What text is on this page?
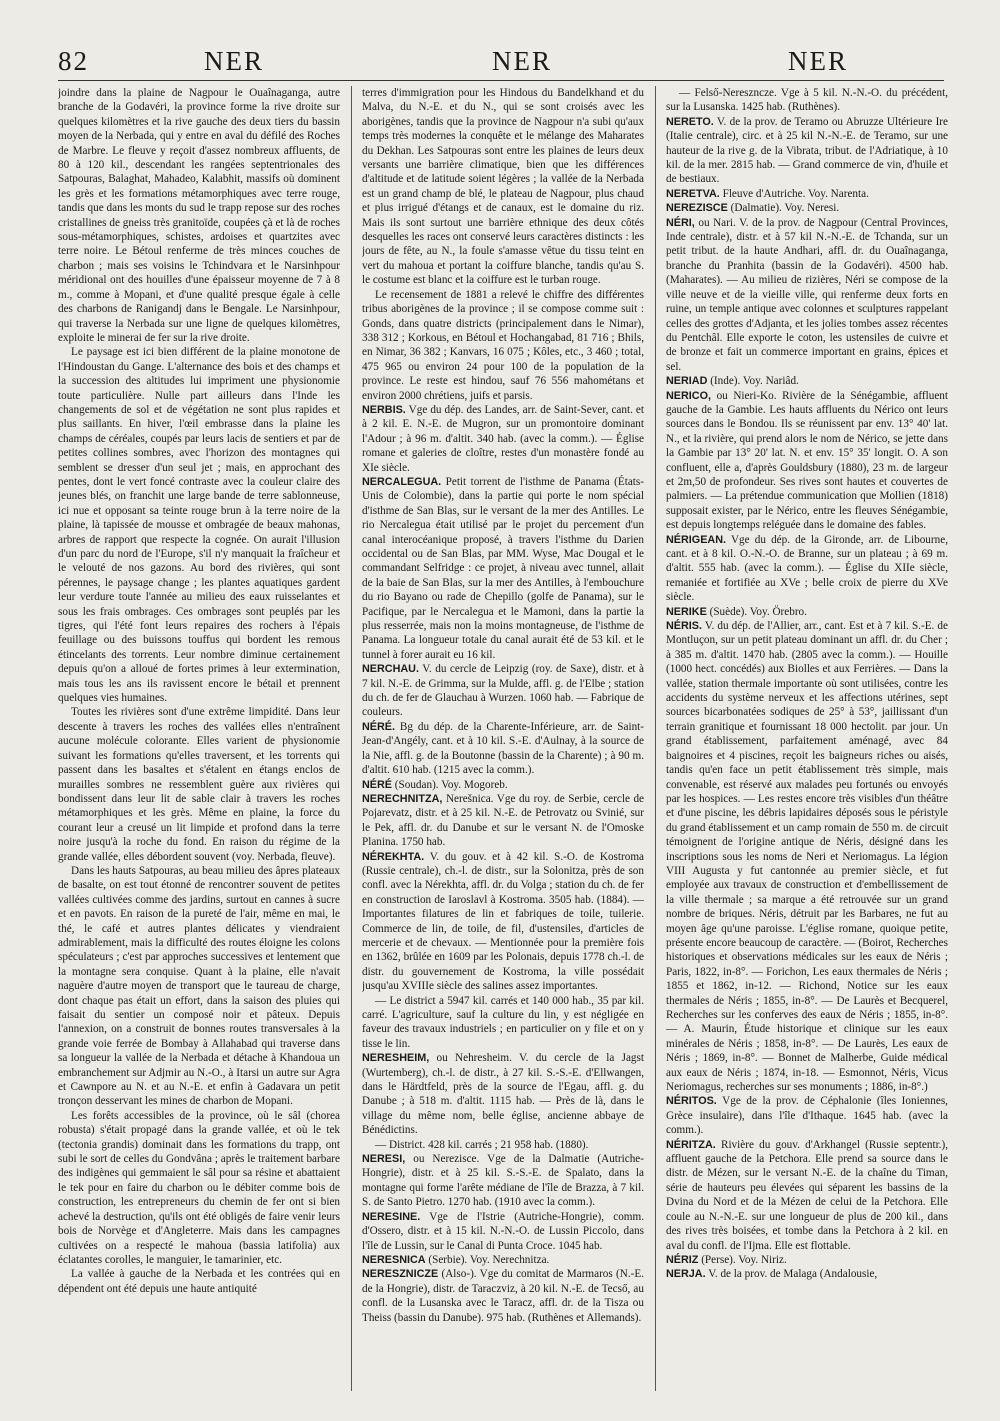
82	NER	NER	NER

joindre dans la plaine de Nagpour le Ouaînaganga, autre branche de la Godavéri, la province forme la rive droite sur quelques kilomètres et la rive gauche des deux tiers du bassin moyen de la Nerbada, qui y entre en aval du défilé des Roches de Marbre. Le fleuve y reçoit d'assez nombreux affluents, de 80 à 120 kil., descendant les rangées septentrionales des Satpouras, Balaghat, Mahadeo, Kalabhit, massifs où dominent les grès et les formations métamorphiques avec terre rouge, tandis que dans les monts du sud le trapp repose sur des roches cristallines de gneiss très granitoïde, coupées çà et là de roches sous-métamorphiques, schistes, ardoises et quartzites avec terre noire. Le Bétoul renferme de très minces couches de charbon ; mais ses voisins le Tchindvara et le Narsinhpour méridional ont des houilles d'une épaisseur moyenne de 7 à 8 m., comme à Mopani, et d'une qualité presque égale à celle des charbons de Ranigandj dans le Bengale. Le Narsinhpour, qui traverse la Nerbada sur une ligne de quelques kilomètres, exploite le minerai de fer sur la rive droite.

Le paysage est ici bien différent de la plaine monotone de l'Hindoustan du Gange. L'alternance des bois et des champs et la succession des altitudes lui impriment une physionomie toute particulière. Nulle part ailleurs dans l'Inde les changements de sol et de végétation ne sont plus rapides et plus saillants. En hiver, l'œil embrasse dans la plaine les champs de céréales, coupés par leurs lacis de sentiers et par de petites collines sombres, avec l'horizon des montagnes qui semblent se dresser d'un seul jet ; mais, en approchant des pentes, dont le vert foncé contraste avec la couleur claire des jeunes blés, on franchit une large bande de terre sablonneuse, ici nue et opposant sa teinte rouge brun à la terre noire de la plaine, là tapissée de mousse et ombragée de beaux mahonas, arbres de rapport que respecte la cognée. On aurait l'illusion d'un parc du nord de l'Europe, s'il n'y manquait la fraîcheur et le velouté de nos gazons. Au bord des rivières, qui sont pérennes, le paysage change ; les plantes aquatiques gardent leur verdure toute l'année au milieu des eaux ruisselantes et sous les frais ombrages. Ces ombrages sont peuplés par les tigres, qui l'été font leurs repaires des rochers à l'épais feuillage ou des buissons touffus qui bordent les remous étincelants des torrents. Leur nombre diminue certainement depuis qu'on a alloué de fortes primes à leur extermination, mais tous les ans ils ravissent encore le bétail et prennent quelques vies humaines.

Toutes les rivières sont d'une extrême limpidité. Dans leur descente à travers les roches des vallées elles n'entraînent aucune molécule colorante. Elles varient de physionomie suivant les formations qu'elles traversent, et les torrents qui passent dans les basaltes et s'étalent en étangs enclos de murailles sombres ne ressemblent guère aux rivières qui bondissent dans leur lit de sable clair à travers les roches métamorphiques et les grès. Même en plaine, la force du courant leur a creusé un lit limpide et profond dans la terre noire jusqu'à la roche du fond. En raison du régime de la grande vallée, elles débordent souvent (voy. Nerbada, fleuve).

Dans les hauts Satpouras, au beau milieu des âpres plateaux de basalte, on est tout étonné de rencontrer souvent de petites vallées cultivées comme des jardins, surtout en cannes à sucre et en pavots. En raison de la pureté de l'air, même en mai, le thé, le café et autres plantes délicates y viendraient admirablement, mais la difficulté des routes éloigne les colons spéculateurs ; c'est par approches successives et lentement que la montagne sera conquise. Quant à la plaine, elle n'avait naguère d'autre moyen de transport que le taureau de charge, dont chaque pas était un effort, dans la saison des pluies qui faisait du sentier un composé noir et pâteux. Depuis l'annexion, on a construit de bonnes routes transversales à la grande voie ferrée de Bombay à Allahabad qui traverse dans sa longueur la vallée de la Nerbada et détache à Khandoua un embranchement sur Adjmir au N.-O., à Itarsi un autre sur Agra et Cawnpore au N. et au N.-E. et enfin à Gadavara un petit tronçon desservant les mines de charbon de Mopani.

Les forêts accessibles de la province, où le sâl (chorea robusta) s'était propagé dans la grande vallée, et où le tek (tectonia grandis) dominait dans les formations du trapp, ont subi le sort de celles du Gondvâna ; après le traitement barbare des indigènes qui gemmaient le sâl pour sa résine et abattaient le tek pour en faire du charbon ou le débiter comme bois de construction, les entrepreneurs du chemin de fer ont si bien achevé la destruction, qu'ils ont été obligés de faire venir leurs bois de Norvège et d'Angleterre. Mais dans les campagnes cultivées on a respecté le mahoua (bassia latifolia) aux éclatantes corolles, le manguier, le tamarinier, etc.

La vallée à gauche de la Nerbada et les contrées qui en dépendent ont été depuis une haute antiquité

terres d'immigration pour les Hindous du Bandelkhand et du Malva, du N.-E. et du N., qui se sont croisés avec les aborigènes, tandis que la province de Nagpour n'a subi qu'aux temps très modernes la conquête et le mélange des Maharates du Dekhan. Les Satpouras sont entre les plaines de leurs deux versants une barrière climatique, bien que les différences d'altitude et de latitude soient légères ; la vallée de la Nerbada est un grand champ de blé, le plateau de Nagpour, plus chaud et plus irrigué d'étangs et de canaux, est le domaine du riz. Mais ils sont surtout une barrière ethnique des deux côtés desquelles les races ont conservé leurs caractères distincts : les jours de fête, au N., la foule s'amasse vêtue du tissu teint en vert du mahoua et portant la coiffure blanche, tandis qu'au S. le costume est blanc et la coiffure est le turban rouge.

Le recensement de 1881 a relevé le chiffre des différentes tribus aborigènes de la province ; il se compose comme suit : Gonds, dans quatre districts (principalement dans le Nimar), 338 312 ; Korkous, en Bétoul et Hochangabad, 81 716 ; Bhils, en Nimar, 36 382 ; Kanvars, 16 075 ; Kôles, etc., 3 460 ; total, 475 965 ou environ 24 pour 100 de la population de la province. Le reste est hindou, sauf 76 556 mahométans et environ 2000 chrétiens, juifs et parsis.

NERBIS. Vge du dép. des Landes, arr. de Saint-Sever, cant. et à 2 kil. E. N.-E. de Mugron, sur un promontoire dominant l'Adour ; à 96 m. d'altit. 340 hab. (avec la comm.). — Église romane et galeries de cloître, restes d'un monastère fondé au XIe siècle.
NERCALEGUA. Petit torrent de l'isthme de Panama (États-Unis de Colombie), dans la partie qui porte le nom spécial d'isthme de San Blas, sur le versant de la mer des Antilles. Le rio Nercalegua était utilisé par le projet du percement d'un canal interocéanique proposé, à travers l'isthme du Darien occidental ou de San Blas, par MM. Wyse, Mac Dougal et le commandant Selfridge : ce projet, à niveau avec tunnel, allait de la baie de San Blas, sur la mer des Antilles, à l'embouchure du rio Bayano ou rade de Chepillo (golfe de Panama), sur le Pacifique, par le Nercalegua et le Mamoni, dans la partie la plus resserrée, mais non la moins montagneuse, de l'isthme de Panama. La longueur totale du canal aurait été de 53 kil. et le tunnel à forer aurait eu 16 kil.
NERCHAU. V. du cercle de Leipzig (roy. de Saxe), distr. et à 7 kil. N.-E. de Grimma, sur la Mulde, affl. g. de l'Elbe ; station du ch. de fer de Glauchau à Wurzen. 1060 hab. — Fabrique de couleurs.
NÉRÉ. Bg du dép. de la Charente-Inférieure, arr. de Saint-Jean-d'Angély, cant. et à 10 kil. S.-E. d'Aulnay, à la source de la Nie, affl. g. de la Boutonne (bassin de la Charente) ; à 90 m. d'altit. 610 hab. (1215 avec la comm.).
NÉRÉ (Soudan). Voy. Mogoreb.
NERECHNITZA, Nerešnica. Vge du roy. de Serbie, cercle de Pojarevatz, distr. et à 25 kil. N.-E. de Petrovatz ou Svinié, sur le Pek, affl. dr. du Danube et sur le versant N. de l'Omoske Planina. 1750 hab.
NÉREKHTA. V. du gouv. et à 42 kil. S.-O. de Kostroma (Russie centrale), ch.-l. de distr., sur la Solonitza, près de son confl. avec la Nérekhta, affl. dr. du Volga ; station du ch. de fer en construction de Iaroslavl à Kostroma. 3505 hab. (1884). — Importantes filatures de lin et fabriques de toile, tuilerie. Commerce de lin, de toile, de fil, d'ustensiles, d'articles de mercerie et de chevaux. — Mentionnée pour la première fois en 1362, brûlée en 1609 par les Polonais, depuis 1778 ch.-l. de distr. du gouvernement de Kostroma, la ville possédait jusqu'au XVIIIe siècle des salines assez importantes.

— Le district a 5947 kil. carrés et 140 000 hab., 35 par kil. carré. L'agriculture, sauf la culture du lin, y est négligée en faveur des travaux industriels ; en particulier on y file et on y tisse le lin.

NERESHEIM, ou Nehresheim. V. du cercle de la Jagst (Wurtemberg), ch.-l. de distr., à 27 kil. S.-S.-E. d'Ellwangen, dans le Härdtfeld, près de la source de l'Egau, affl. g. du Danube ; à 518 m. d'altit. 1115 hab. — Près de là, dans le village du même nom, belle église, ancienne abbaye de Bénédictins.

— District. 428 kil. carrés ; 21 958 hab. (1880).

NERESI, ou Nerezisce. Vge de la Dalmatie (Autriche-Hongrie), distr. et à 25 kil. S.-S.-E. de Spalato, dans la montagne qui forme l'arête médiane de l'île de Brazza, à 7 kil. S. de Santo Pietro. 1270 hab. (1910 avec la comm.).
NERESINE. Vge de l'Istrie (Autriche-Hongrie), comm. d'Ossero, distr. et à 15 kil. N.-N.-O. de Lussin Piccolo, dans l'île de Lussin, sur le Canal di Punta Croce. 1045 hab.
NERESNICA (Serbie). Voy. Nerechnitza.
NERESZNICZE (Also-). Vge du comitat de Marmaros (N.-E. de la Hongrie), distr. de Taraczviz, à 20 kil. N.-E. de Tecső, au confl. de la Lusanska avec le Taracz, affl. dr. de la Tisza ou Theiss (bassin du Danube). 975 hab. (Ruthènes et Allemands).

— Felső-Nereszncze. Vge à 5 kil. N.-N.-O. du précédent, sur la Lusanska. 1425 hab. (Ruthènes).

NERETO. V. de la prov. de Teramo ou Abruzze Ultérieure Ire (Italie centrale), circ. et à 25 kil N.-N.-E. de Teramo, sur une hauteur de la rive g. de la Vibrata, tribut. de l'Adriatique, à 10 kil. de la mer. 2815 hab. — Grand commerce de vin, d'huile et de bestiaux.
NERETVA. Fleuve d'Autriche. Voy. Narenta.
NEREZISCE (Dalmatie). Voy. Neresi.
NÉRI, ou Nari. V. de la prov. de Nagpour (Central Provinces, Inde centrale), distr. et à 57 kil N.-N.-E. de Tchanda, sur un petit tribut. de la haute Andhari, affl. dr. du Ouaînaganga, branche du Pranhita (bassin de la Godavéri). 4500 hab. (Maharates). — Au milieu de rizières, Néri se compose de la ville neuve et de la vieille ville, qui renferme deux forts en ruine, un temple antique avec colonnes et sculptures rappelant celles des grottes d'Adjanta, et les jolies tombes assez récentes du Pentchâl. Elle exporte le coton, les ustensiles de cuivre et de bronze et fait un commerce important en grains, épices et sel.
NERIAD (Inde). Voy. Nariâd.
NERICO, ou Nieri-Ko. Rivière de la Sénégambie, affluent gauche de la Gambie. Les hauts affluents du Nérico ont leurs sources dans le Bondou. Ils se réunissent par env. 13° 40' lat. N., et la rivière, qui prend alors le nom de Nérico, se jette dans la Gambie par 13° 20' lat. N. et env. 15° 35' longit. O. A son confluent, elle a, d'après Gouldsbury (1880), 23 m. de largeur et 2m,50 de profondeur. Ses rives sont hautes et couvertes de palmiers. — La prétendue communication que Mollien (1818) supposait exister, par le Nérico, entre les fleuves Sénégambie, est depuis longtemps reléguée dans le domaine des fables.
NÉRIGEAN. Vge du dép. de la Gironde, arr. de Libourne, cant. et à 8 kil. O.-N.-O. de Branne, sur un plateau ; à 69 m. d'altit. 555 hab. (avec la comm.). — Église du XIIe siècle, remaniée et fortifiée au XVe ; belle croix de pierre du XVe siècle.
NERIKE (Suède). Voy. Örebro.
NÉRIS. V. du dép. de l'Allier, arr., cant. Est et à 7 kil. S.-E. de Montluçon, sur un petit plateau dominant un affl. dr. du Cher ; à 385 m. d'altit. 1470 hab. (2805 avec la comm.). — Houille (1000 hect. concédés) aux Biolles et aux Ferrières. — Dans la vallée, station thermale importante où sont utilisées, contre les accidents du système nerveux et les affections utérines, sept sources bicarbonatées sodiques de 25° à 53°, jaillissant d'un terrain granitique et fournissant 18 000 hectolit. par jour. Un grand établissement, parfaitement aménagé, avec 84 baignoires et 4 piscines, reçoit les baigneurs riches ou aisés, tandis qu'en face un petit établissement très simple, mais convenable, est réservé aux malades peu fortunés ou envoyés par les hospices. — Les restes encore très visibles d'un théâtre et d'une piscine, les débris lapidaires déposés sous le péristyle du grand établissement et un camp romain de 550 m. de circuit témoignent de l'origine antique de Néris, désigné dans les inscriptions sous les noms de Neri et Neriomagus. La légion VIII Augusta y fut cantonnée au premier siècle, et fut employée aux travaux de construction et d'embellissement de la ville thermale ; sa marque a été retrouvée sur un grand nombre de briques. Néris, détruit par les Barbares, ne fut au moyen âge qu'une paroisse. L'église romane, quoique petite, présente encore beaucoup de caractère. — (Boirot, Recherches historiques et observations médicales sur les eaux de Néris ; Paris, 1822, in-8°. — Forichon, Les eaux thermales de Néris ; 1855 et 1862, in-12. — Richond, Notice sur les eaux thermales de Néris ; 1855, in-8°. — De Laurès et Becquerel, Recherches sur les conferves des eaux de Néris ; 1855, in-8°. — A. Maurin, Étude historique et clinique sur les eaux minérales de Néris ; 1858, in-8°. — De Laurès, Les eaux de Néris ; 1869, in-8°. — Bonnet de Malherbe, Guide médical aux eaux de Néris ; 1874, in-18. — Esmonnot, Néris, Vicus Neriomagus, recherches sur ses monuments ; 1886, in-8°.)
NÉRITOS. Vge de la prov. de Céphalonie (îles Ioniennes, Grèce insulaire), dans l'île d'Ithaque. 1645 hab. (avec la comm.).
NÉRITZA. Rivière du gouv. d'Arkhangel (Russie septentr.), affluent gauche de la Petchora. Elle prend sa source dans le distr. de Mézen, sur le versant N.-E. de la chaîne du Timan, série de hauteurs peu élevées qui séparent les bassins de la Dvina du Nord et de la Mézen de celui de la Petchora. Elle coule au N.-N.-E. sur une longueur de plus de 200 kil., dans des rives très boisées, et tombe dans la Petchora à 2 kil. en aval du confl. de l'Ijma. Elle est flottable.
NÉRIZ (Perse). Voy. Niriz.
NERJA. V. de la prov. de Malaga (Andalousie,
